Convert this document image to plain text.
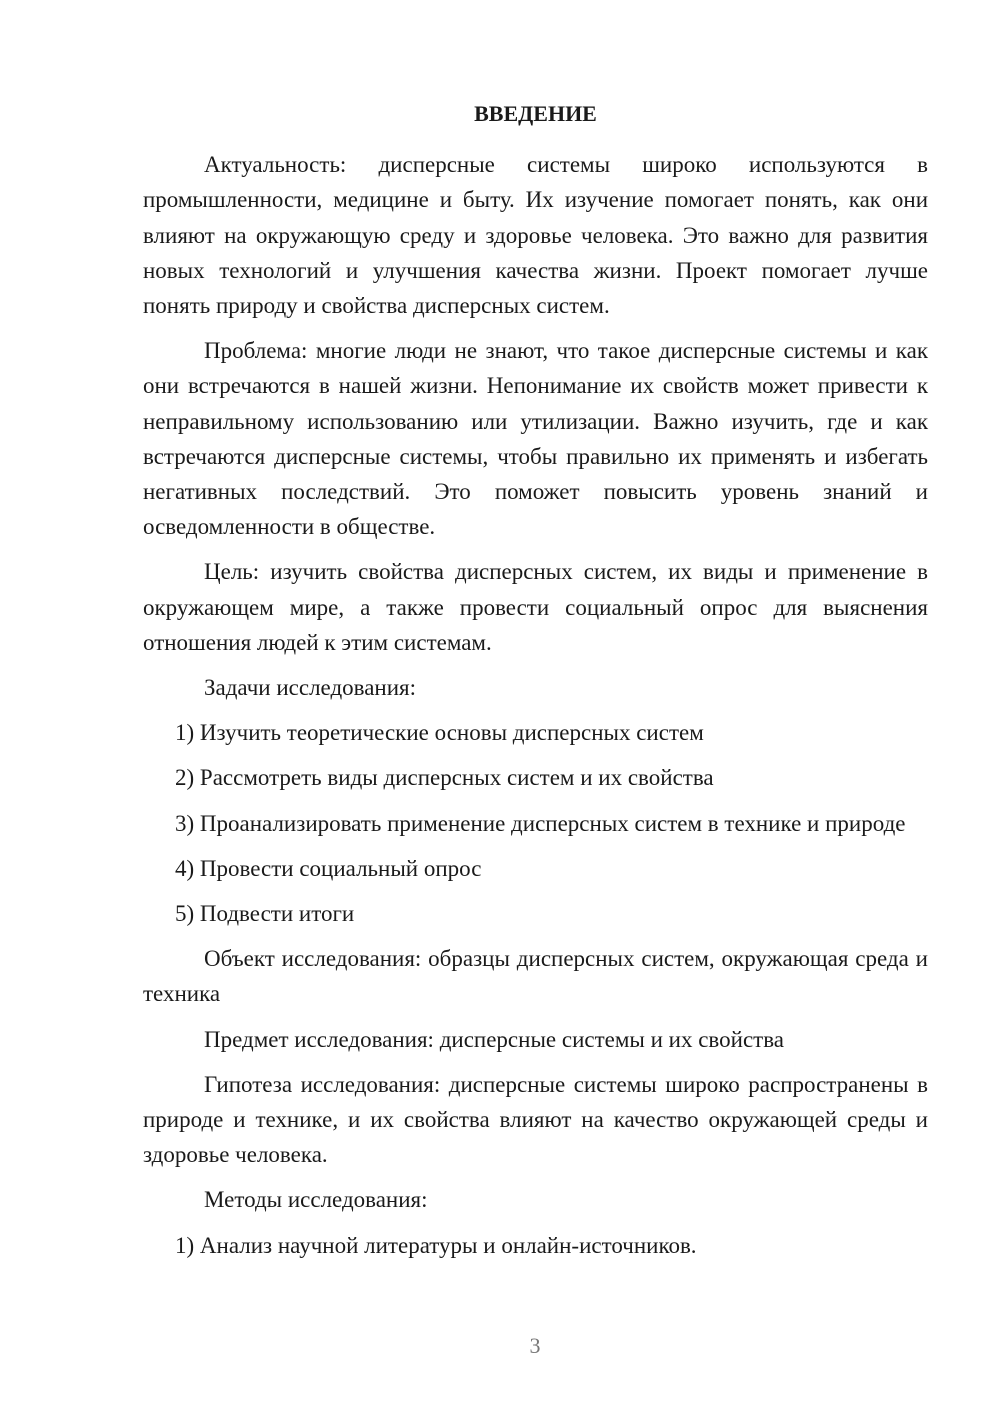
ВВЕДЕНИЕ

Актуальность: дисперсные системы широко используются в промышленности, медицине и быту. Их изучение помогает понять, как они влияют на окружающую среду и здоровье человека. Это важно для развития новых технологий и улучшения качества жизни. Проект помогает лучше понять природу и свойства дисперсных систем.

Проблема: многие люди не знают, что такое дисперсные системы и как они встречаются в нашей жизни. Непонимание их свойств может привести к неправильному использованию или утилизации. Важно изучить, где и как встречаются дисперсные системы, чтобы правильно их применять и избегать негативных последствий. Это поможет повысить уровень знаний и осведомленности в обществе.

Цель: изучить свойства дисперсных систем, их виды и применение в окружающем мире, а также провести социальный опрос для выяснения отношения людей к этим системам.

Задачи исследования:

1) Изучить теоретические основы дисперсных систем

2) Рассмотреть виды дисперсных систем и их свойства

3) Проанализировать применение дисперсных систем в технике и природе

4) Провести социальный опрос

5) Подвести итоги

Объект исследования: образцы дисперсных систем, окружающая среда и техника

Предмет исследования: дисперсные системы и их свойства

Гипотеза исследования: дисперсные системы широко распространены в природе и технике, и их свойства влияют на качество окружающей среды и здоровье человека.

Методы исследования:

1) Анализ научной литературы и онлайн-источников.

3
